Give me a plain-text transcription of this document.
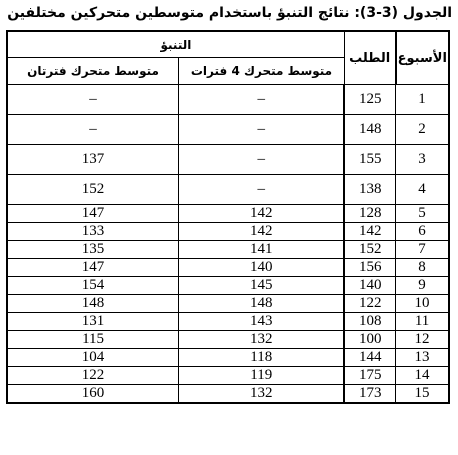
الجدول (3-3): نتائج التنبؤ باستخدام متوسطين متحركين مختلفين
الأسبوع	الطلب	التنبؤ	
		متوسط متحرك 4 فترات	متوسط متحرك فترتان
1	125	–	–
2	148	–	–
3	155	–	137
4	138	–	152
5	128	142	147
6	142	142	133
7	152	141	135
8	156	140	147
9	140	145	154
10	122	148	148
11	108	143	131
12	100	132	115
13	144	118	104
14	175	119	122
15	173	132	160
